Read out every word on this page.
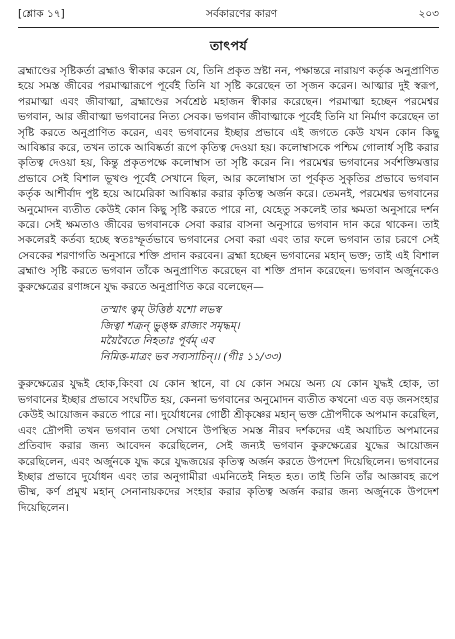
[শ্লোক ১৭]	সর্বকারণের কারণ	২০৩
তাৎপর্য

ব্রহ্মাণ্ডের সৃষ্টিকর্তা ব্রহ্মাও স্বীকার করেন যে, তিনি প্রকৃত স্রষ্টা নন, পক্ষান্তরে নারায়ণ কর্তৃক অনুপ্রাণিত হয়ে সমস্ত জীবের পরমাত্মারূপে পূর্বেই তিনি যা সৃষ্টি করেছেন তা সৃজন করেন। আত্মার দুই স্বরূপ, পরমাত্মা এবং জীবাত্মা, ব্রহ্মাণ্ডের সর্বশ্রেষ্ঠ মহাজন স্বীকার করেছেন। পরমাত্মা হচ্ছেন পরমেশ্বর ভগবান, আর জীবাত্মা ভগবানের নিত্য সেবক। ভগবান জীবাত্মাকে পূর্বেই তিনি যা নির্মাণ করেছেন তা সৃষ্টি করতে অনুপ্রাণিত করেন, এবং ভগবানের ইচ্ছার প্রভাবে এই জগতে কেউ যখন কোন কিছু আবিষ্কার করে, তখন তাকে আবিষ্কর্তা রূপে কৃতিত্ব দেওয়া হয়। কলোম্বাসকে পশ্চিম গোলার্ধ সৃষ্টি করার কৃতিত্ব দেওয়া হয়, কিন্তু প্রকৃতপক্ষে কলোম্বাস তা সৃষ্টি করেন নি। পরমেশ্বর ভগবানের সর্বশক্তিমত্তার প্রভাবে সেই বিশাল ভূখণ্ড পূর্বেই সেখানে ছিল, আর কলোম্বাস তা পূর্বকৃত সুকৃতির প্রভাবে ভগবান কর্তৃক আশীর্বাদ পুষ্ট হয়ে আমেরিকা আবিষ্কার করার কৃতিত্ব অর্জন করে। তেমনই, পরমেশ্বর ভগবানের অনুমোদন ব্যতীত কেউই কোন কিছু সৃষ্টি করতে পারে না, যেহেতু সকলেই তার ক্ষমতা অনুসারে দর্শন করে। সেই ক্ষমতাও জীবের ভগবানকে সেবা করার বাসনা অনুসারে ভগবান দান করে থাকেন। তাই সকলেরই কর্তব্য হচ্ছে স্বতঃস্ফূর্তভাবে ভগবানের সেবা করা এবং তার ফলে ভগবান তার চরণে সেই সেবকের শরণাগতি অনুসারে শক্তি প্রদান করবেন। ব্রহ্মা হচ্ছেন ভগবানের মহান্ ভক্ত; তাই এই বিশাল ব্রহ্মাণ্ড সৃষ্টি করতে ভগবান তাঁকে অনুপ্রাণিত করেছেন বা শক্তি প্রদান করেছেন। ভগবান অর্জুনকেও কুরুক্ষেত্রের রণাঙ্গনে যুদ্ধ করতে অনুপ্রাণিত করে বলেছেন—

তস্মাৎ ত্বম্ উত্তিষ্ঠ যশো লভস্ব
জিত্বা শত্রূন্ ভুঙ্‌ক্ষ রাজ্যং সমৃদ্ধম্।
ময়ৈবৈতে নিহতাঃ পূর্বম্ এব
নিমিত্ত-মাত্রং ভব সব্যসাচিন্।। (গীঃ ১১/৩৩)

কুরুক্ষেত্রের যুদ্ধই হোক,কিংবা যে কোন স্থানে, বা যে কোন সময়ে অন্য যে কোন যুদ্ধই হোক, তা ভগবানের ইচ্ছার প্রভাবে সংঘটিত হয়, কেননা ভগবানের অনুমোদন ব্যতীত কখনো এত বড় জনসংহার কেউই আয়োজন করতে পারে না। দুর্যোধনের গোষ্ঠী শ্রীকৃষ্ণের মহান্ ভক্ত দ্রৌপদীকে অপমান করেছিল, এবং দ্রৌপদী তখন ভগবান তথা সেখানে উপস্থিত সমস্ত নীরব দর্শকদের এই অযাচিত অপমানের প্রতিবাদ করার জন্য আবেদন করেছিলেন, সেই জন্যই ভগবান কুরুক্ষেত্রের যুদ্ধের আয়োজন করেছিলেন, এবং অর্জুনকে যুদ্ধ করে যুদ্ধজয়ের কৃতিত্ব অর্জন করতে উপদেশ দিয়েছিলেন। ভগবানের ইচ্ছার প্রভাবে দুর্যোধন এবং তার অনুগামীরা এমনিতেই নিহত হত। তাই তিনি তাঁর আজ্ঞাবহ রূপে ভীষ্ম, কর্ণ প্রমুখ মহান্ সেনানায়কদের সংহার করার কৃতিত্ব অর্জন করার জন্য অর্জুনকে উপদেশ দিয়েছিলেন।
